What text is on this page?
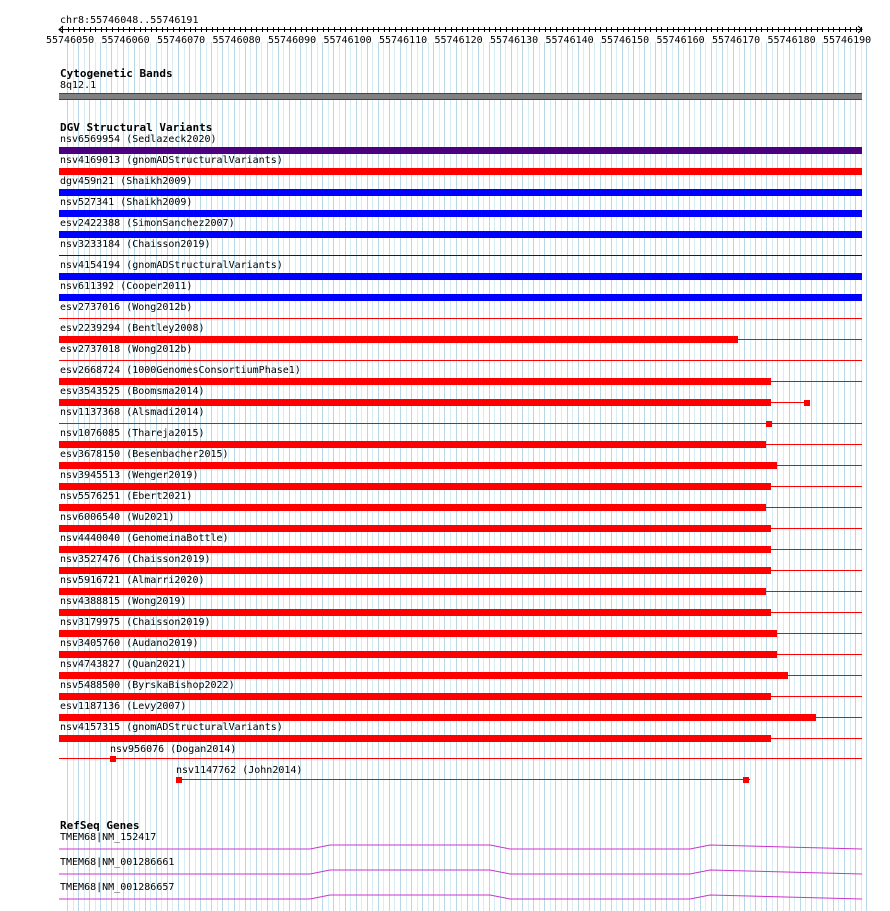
chr8:55746048..55746191
55746050 55746060 55746070 55746080 55746090 55746100 55746110 55746120 55746130 55746140 55746150 55746160 55746170 55746180 55746190
Cytogenetic Bands
8q12.1
DGV Structural Variants
nsv6569954 (Sedlazeck2020)
nsv4169013 (gnomADStructuralVariants)
dgv459n21 (Shaikh2009)
nsv527341 (Shaikh2009)
esv2422388 (SimonSanchez2007)
nsv3233184 (Chaisson2019)
nsv4154194 (gnomADStructuralVariants)
nsv611392 (Cooper2011)
esv2737016 (Wong2012b)
esv2239294 (Bentley2008)
esv2737018 (Wong2012b)
esv2668724 (1000GenomesConsortiumPhase1)
esv3543525 (Boomsma2014)
nsv1137368 (Alsmadi2014)
nsv1076085 (Thareja2015)
esv3678150 (Besenbacher2015)
nsv3945513 (Wenger2019)
nsv5576251 (Ebert2021)
nsv6006540 (Wu2021)
nsv4440040 (GenomeinaBottle)
nsv3527476 (Chaisson2019)
nsv5916721 (Almarri2020)
nsv4388815 (Wong2019)
nsv3179975 (Chaisson2019)
nsv3405760 (Audano2019)
nsv4743827 (Quan2021)
nsv5488500 (ByrskaBishop2022)
esv1187136 (Levy2007)
nsv4157315 (gnomADStructuralVariants)
nsv956076 (Dogan2014)
nsv1147762 (John2014)
RefSeq Genes
TMEM68|NM_152417
TMEM68|NM_001286661
TMEM68|NM_001286657
